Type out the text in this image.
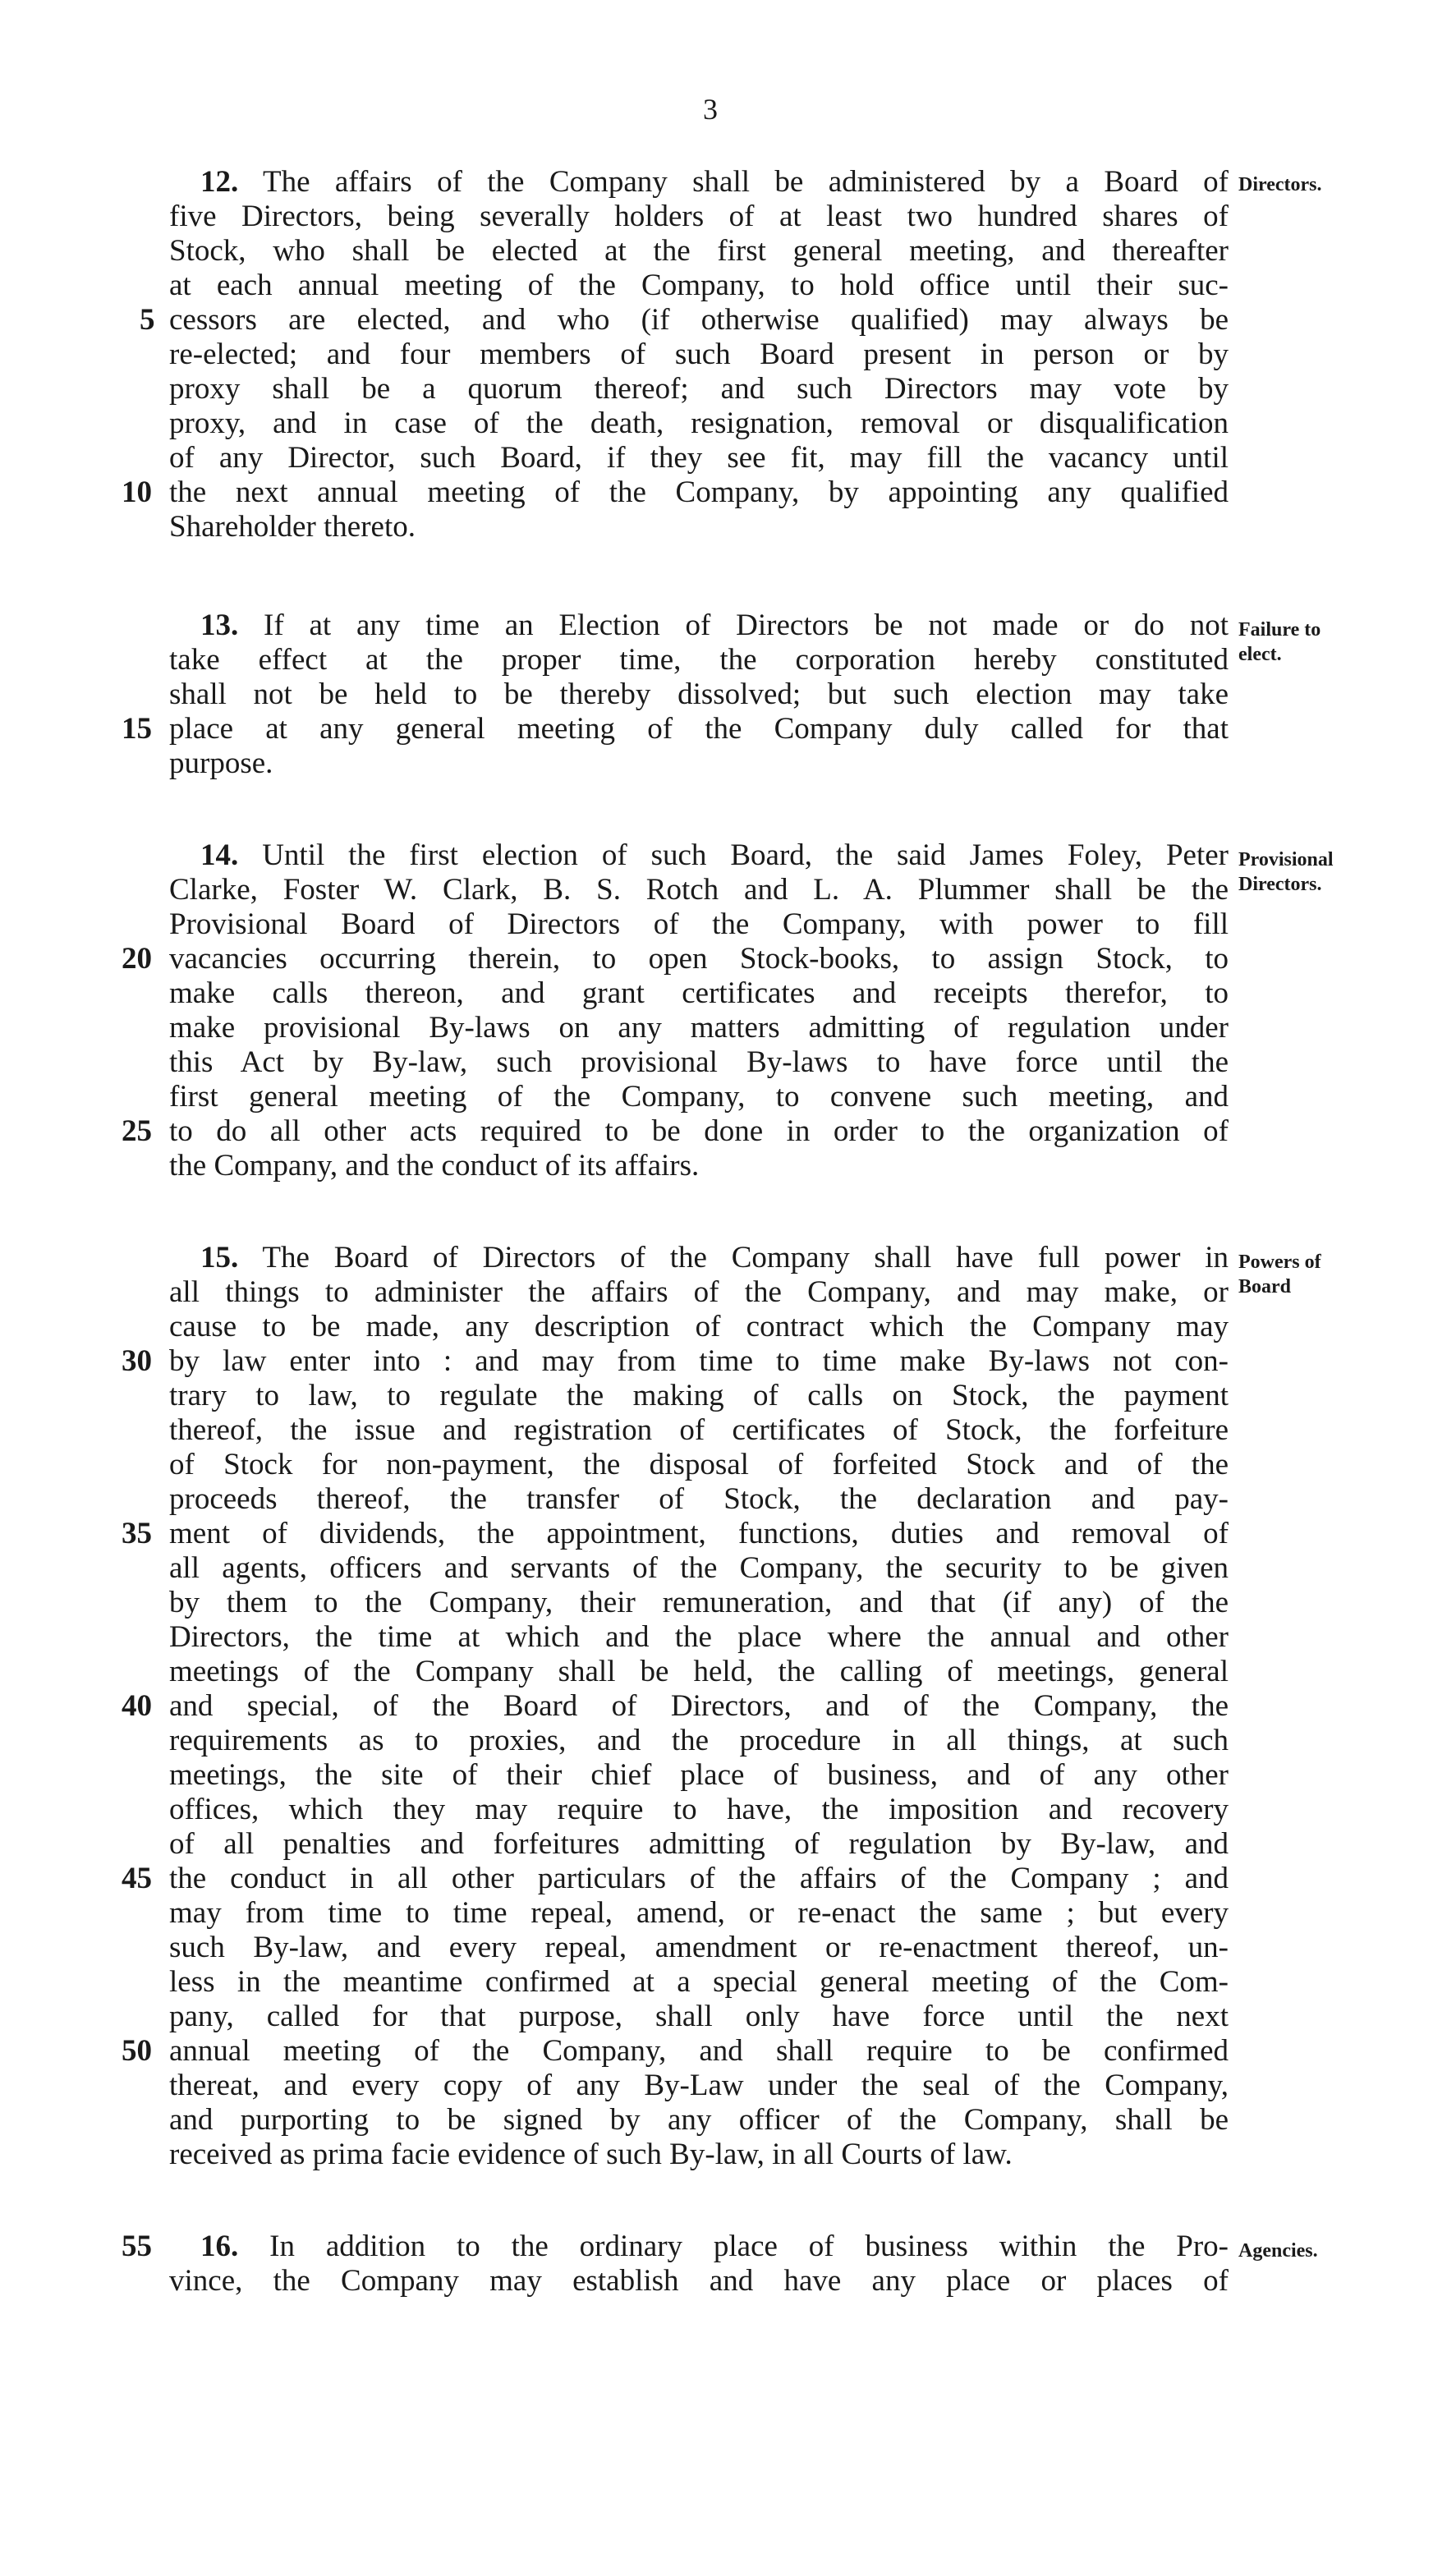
3
12. The affairs of the Company shall be administered by a Board of
five Directors, being severally holders of at least two hundred shares of
Stock, who shall be elected at the first general meeting, and thereafter
at each annual meeting of the Company, to hold office until their suc-
cessors are elected, and who (if otherwise qualified) may always be
re-elected; and four members of such Board present in person or by
proxy shall be a quorum thereof; and such Directors may vote by
proxy, and in case of the death, resignation, removal or disqualification
of any Director, such Board, if they see fit, may fill the vacancy until
the next annual meeting of the Company, by appointing any qualified
Shareholder thereto.
Directors.
13. If at any time an Election of Directors be not made or do not
take effect at the proper time, the corporation hereby constituted
shall not be held to be thereby dissolved; but such election may take
place at any general meeting of the Company duly called for that
purpose.
Failure to
elect.
14. Until the first election of such Board, the said James Foley, Peter
Clarke, Foster W. Clark, B. S. Rotch and L. A. Plummer shall be the
Provisional Board of Directors of the Company, with power to fill
vacancies occurring therein, to open Stock-books, to assign Stock, to
make calls thereon, and grant certificates and receipts therefor, to
make provisional By-laws on any matters admitting of regulation under
this Act by By-law, such provisional By-laws to have force until the
first general meeting of the Company, to convene such meeting, and
to do all other acts required to be done in order to the organization of
the Company, and the conduct of its affairs.
Provisional
Directors.
15. The Board of Directors of the Company shall have full power in
all things to administer the affairs of the Company, and may make, or
cause to be made, any description of contract which the Company may
by law enter into : and may from time to time make By-laws not con-
trary to law, to regulate the making of calls on Stock, the payment
thereof, the issue and registration of certificates of Stock, the forfeiture
of Stock for non-payment, the disposal of forfeited Stock and of the
proceeds thereof, the transfer of Stock, the declaration and pay-
ment of dividends, the appointment, functions, duties and removal of
all agents, officers and servants of the Company, the security to be given
by them to the Company, their remuneration, and that (if any) of the
Directors, the time at which and the place where the annual and other
meetings of the Company shall be held, the calling of meetings, general
and special, of the Board of Directors, and of the Company, the
requirements as to proxies, and the procedure in all things, at such
meetings, the site of their chief place of business, and of any other
offices, which they may require to have, the imposition and recovery
of all penalties and forfeitures admitting of regulation by By-law, and
the conduct in all other particulars of the affairs of the Company ; and
may from time to time repeal, amend, or re-enact the same ; but every
such By-law, and every repeal, amendment or re-enactment thereof, un-
less in the meantime confirmed at a special general meeting of the Com-
pany, called for that purpose, shall only have force until the next
annual meeting of the Company, and shall require to be confirmed
thereat, and every copy of any By-Law under the seal of the Company,
and purporting to be signed by any officer of the Company, shall be
received as prima facie evidence of such By-law, in all Courts of law.
Powers of
Board
16. In addition to the ordinary place of business within the Pro-
vince, the Company may establish and have any place or places of
Agencies.
5
10
15
20
25
30
35
40
45
50
55
